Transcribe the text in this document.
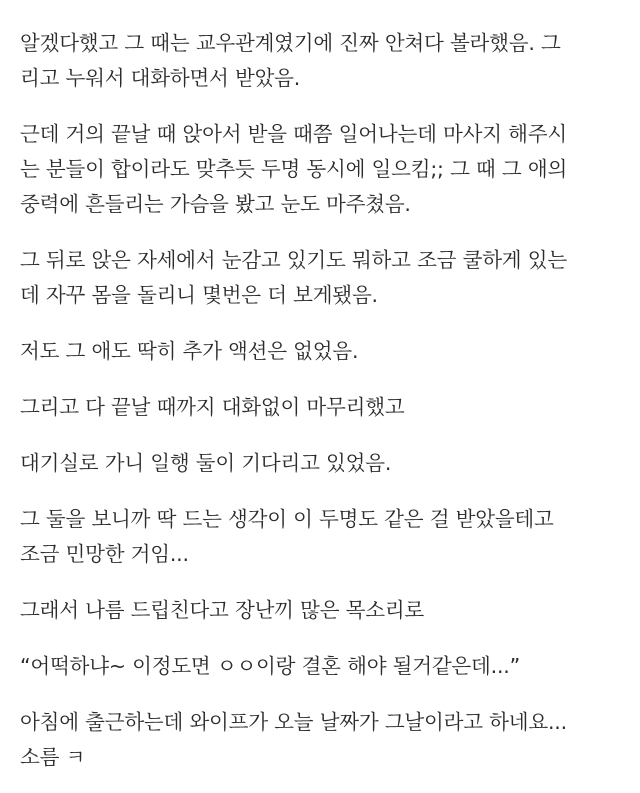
알겠다했고 그 때는 교우관계였기에 진짜 안쳐다 볼라했음. 그
리고 누워서 대화하면서 받았음.
근데 거의 끝날 때 앉아서 받을 때쯤 일어나는데 마사지 해주시
는 분들이 합이라도 맞추듯 두명 동시에 일으킴;; 그 때 그 애의
중력에 흔들리는 가슴을 봤고 눈도 마주쳤음.
그 뒤로 앉은 자세에서 눈감고 있기도 뭐하고 조금 쿨하게 있는
데 자꾸 몸을 돌리니 몇번은 더 보게됐음.
저도 그 애도 딱히 추가 액션은 없었음.
그리고 다 끝날 때까지 대화없이 마무리했고
대기실로 가니 일행 둘이 기다리고 있었음.
그 둘을 보니까 딱 드는 생각이 이 두명도 같은 걸 받았을테고
조금 민망한 거임...
그래서 나름 드립친다고 장난끼 많은 목소리로
“어떡하냐~ 이정도면 ㅇㅇ이랑 결혼 해야 될거같은데...”
아침에 출근하는데 와이프가 오늘 날짜가 그날이라고 하네요...
소름 ㅋ
